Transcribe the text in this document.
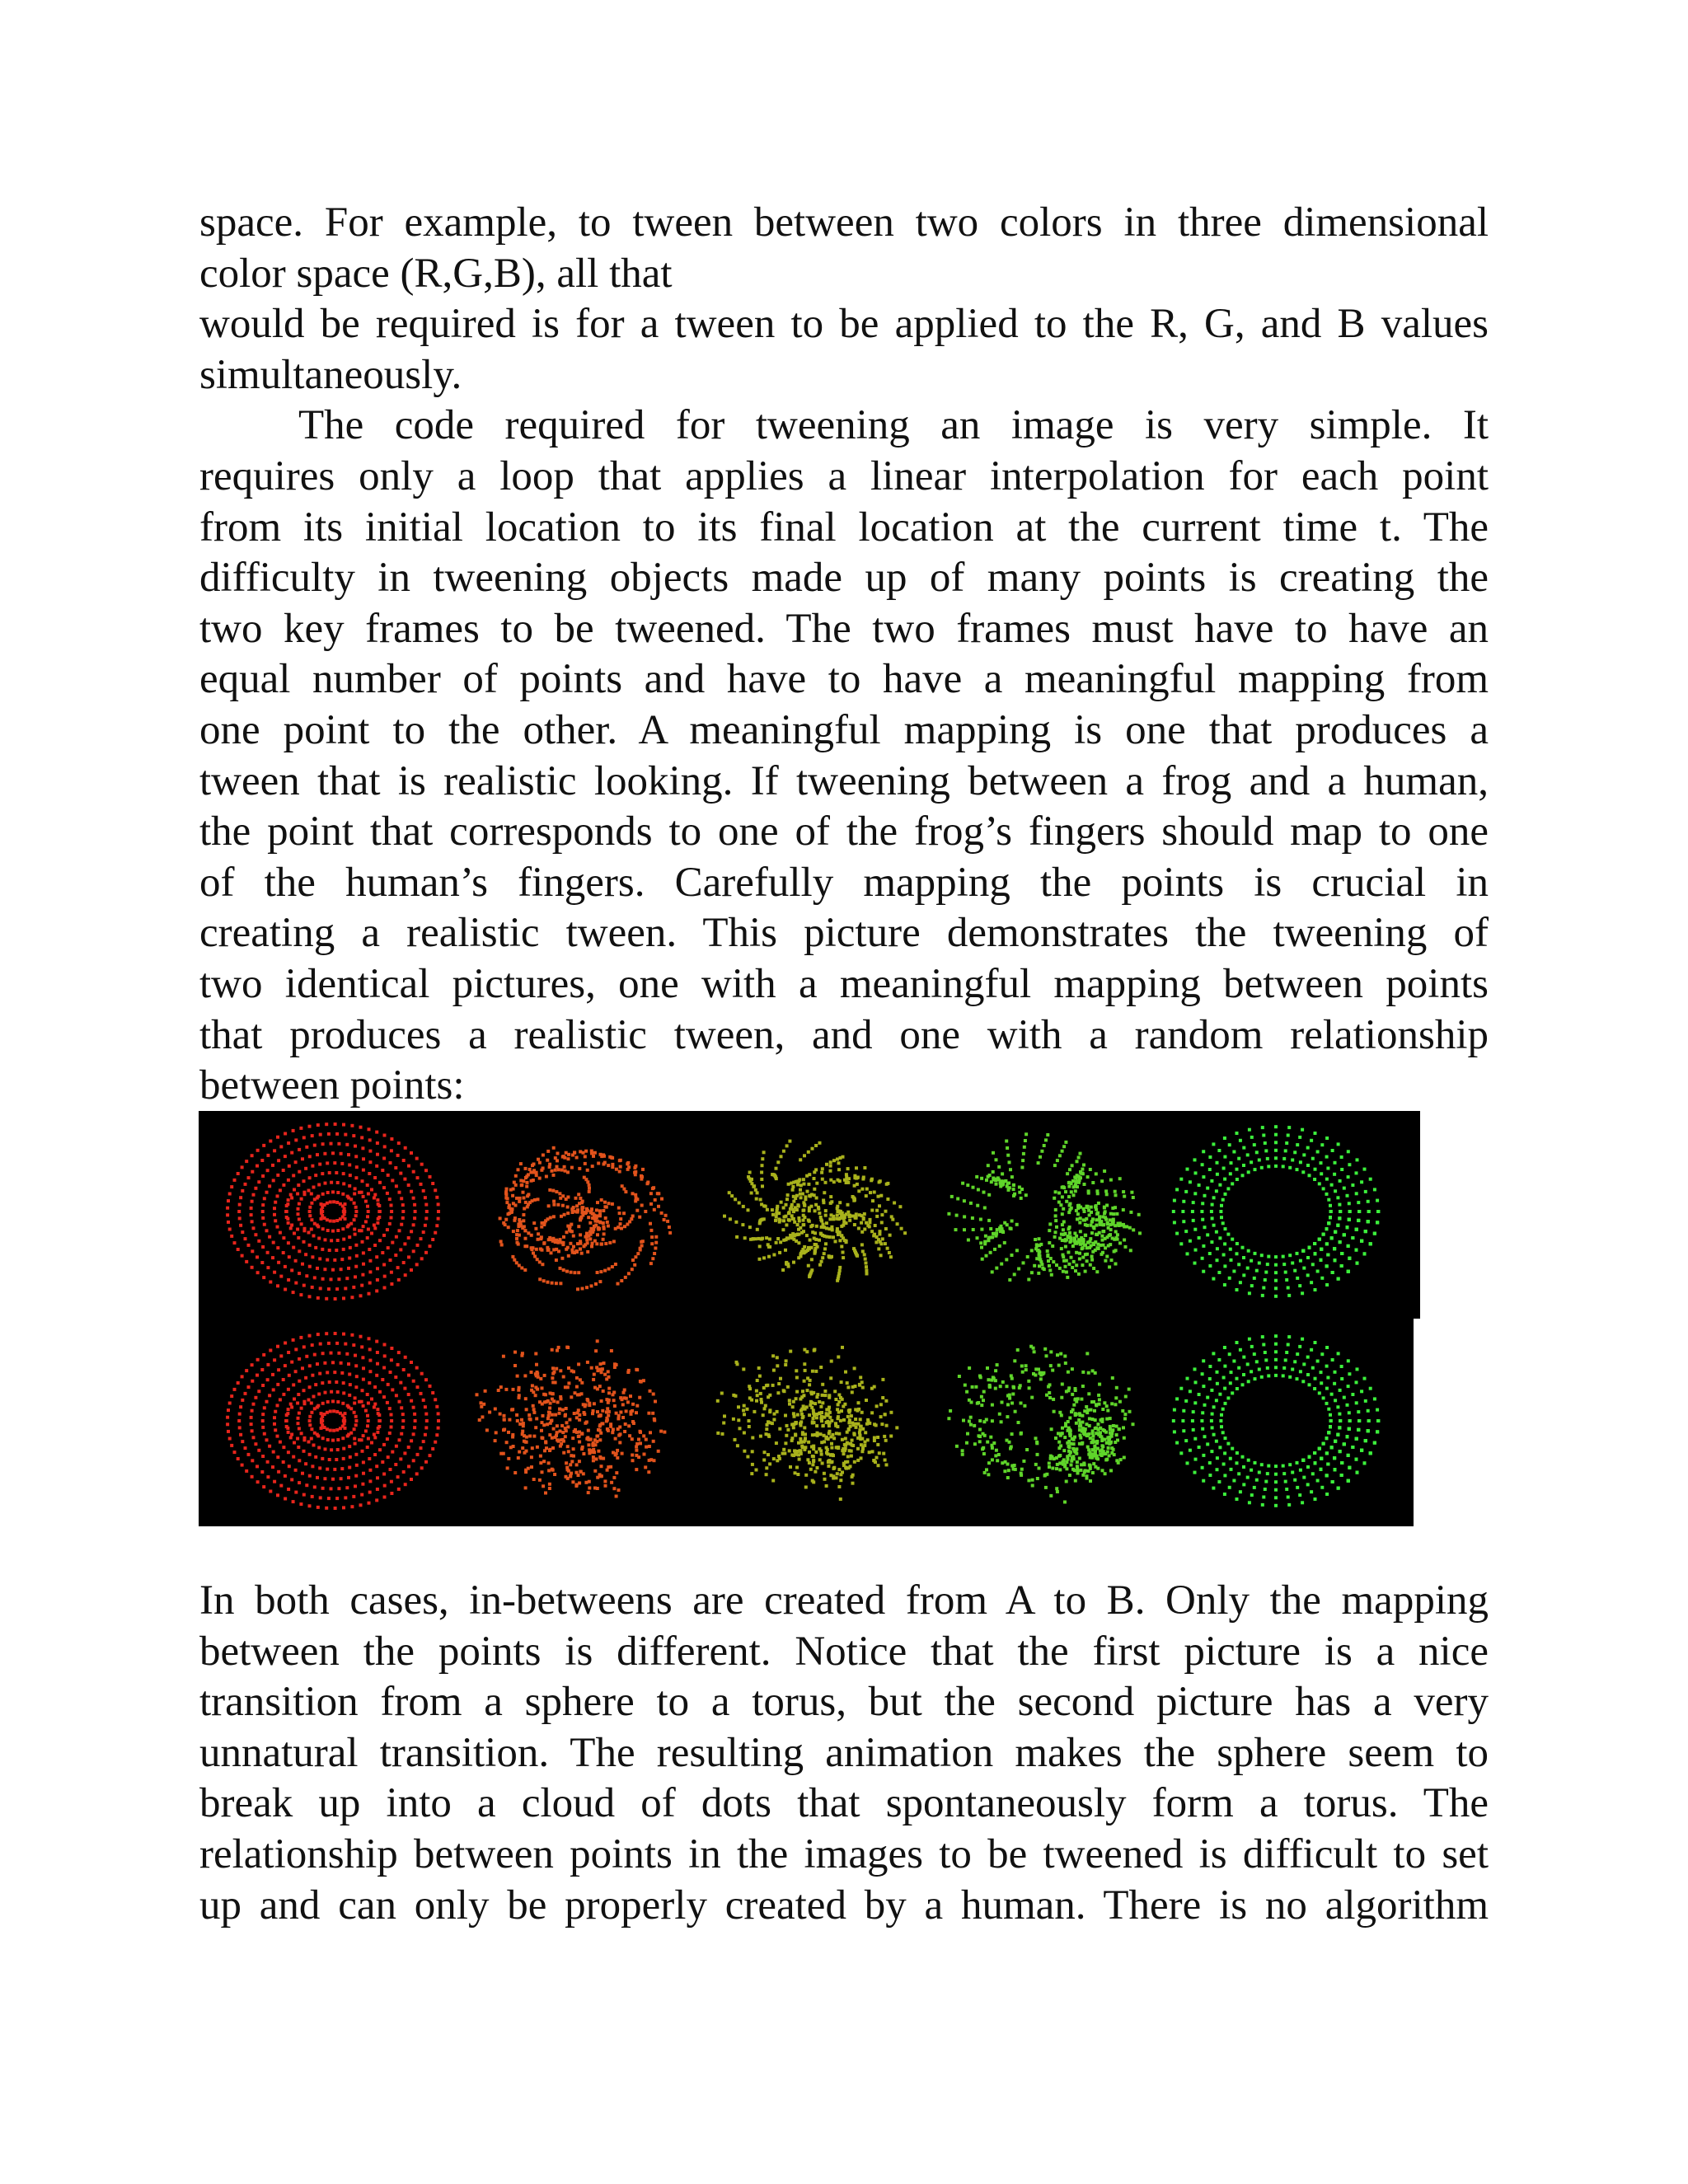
space. For example, to tween between two colors in three dimensional
color space (R,G,B), all that
would be required is for a tween to be applied to the R, G, and B values
simultaneously.
The code required for tweening an image is very simple. It
requires only a loop that applies a linear interpolation for each point
from its initial location to its final location at the current time t. The
difficulty in tweening objects made up of many points is creating the
two key frames to be tweened. The two frames must have to have an
equal number of points and have to have a meaningful mapping from
one point to the other. A meaningful mapping is one that produces a
tween that is realistic looking. If tweening between a frog and a human,
the point that corresponds to one of the frog’s fingers should map to one
of the human’s fingers. Carefully mapping the points is crucial in
creating a realistic tween. This picture demonstrates the tweening of
two identical pictures, one with a meaningful mapping between points
that produces a realistic tween, and one with a random relationship
between points:
In both cases, in-betweens are created from A to B. Only the mapping
between the points is different. Notice that the first picture is a nice
transition from a sphere to a torus, but the second picture has a very
unnatural transition. The resulting animation makes the sphere seem to
break up into a cloud of dots that spontaneously form a torus. The
relationship between points in the images to be tweened is difficult to set
up and can only be properly created by a human. There is no algorithm
